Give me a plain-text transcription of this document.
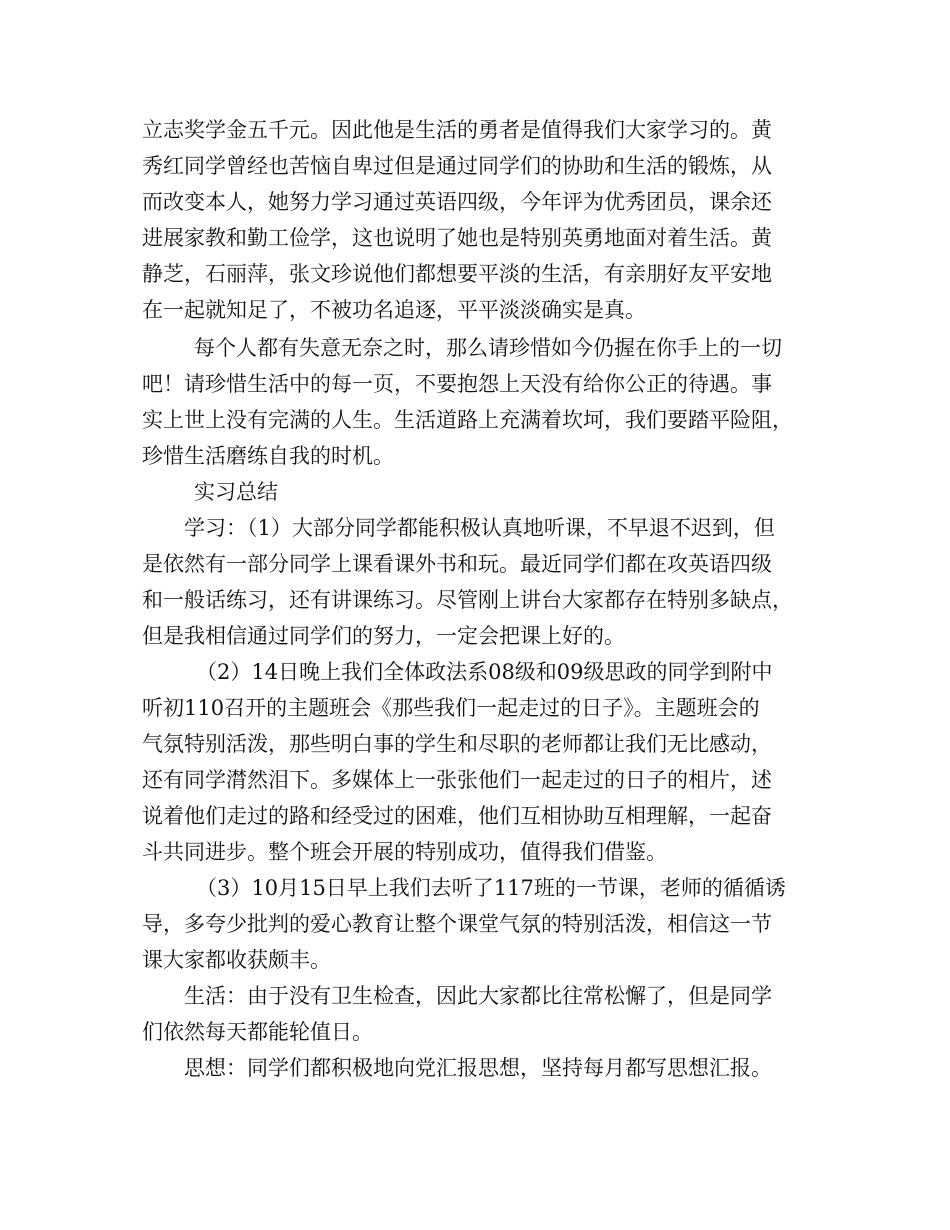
立志奖学金五千元。因此他是生活的勇者是值得我们大家学习的。黄
秀红同学曾经也苦恼自卑过但是通过同学们的协助和生活的锻炼，从
而改变本人，她努力学习通过英语四级，今年评为优秀团员，课余还
进展家教和勤工俭学，这也说明了她也是特别英勇地面对着生活。黄
静芝，石丽萍，张文珍说他们都想要平淡的生活，有亲朋好友平安地
在一起就知足了，不被功名追逐，平平淡淡确实是真。
每个人都有失意无奈之时，那么请珍惜如今仍握在你手上的一切
吧！请珍惜生活中的每一页，不要抱怨上天没有给你公正的待遇。事
实上世上没有完满的人生。生活道路上充满着坎坷，我们要踏平险阻，
珍惜生活磨练自我的时机。
实习总结
学习：（1）大部分同学都能积极认真地听课，不早退不迟到，但
是依然有一部分同学上课看课外书和玩。最近同学们都在攻英语四级
和一般话练习，还有讲课练习。尽管刚上讲台大家都存在特别多缺点，
但是我相信通过同学们的努力，一定会把课上好的。
（2）14日晚上我们全体政法系08级和09级思政的同学到附中
听初110召开的主题班会《那些我们一起走过的日子》。主题班会的
气氛特别活泼，那些明白事的学生和尽职的老师都让我们无比感动，
还有同学潸然泪下。多媒体上一张张他们一起走过的日子的相片，述
说着他们走过的路和经受过的困难，他们互相协助互相理解，一起奋
斗共同进步。整个班会开展的特别成功，值得我们借鉴。
（3）10月15日早上我们去听了117班的一节课，老师的循循诱
导，多夸少批判的爱心教育让整个课堂气氛的特别活泼，相信这一节
课大家都收获颇丰。
生活：由于没有卫生检查，因此大家都比往常松懈了，但是同学
们依然每天都能轮值日。
思想：同学们都积极地向党汇报思想，坚持每月都写思想汇报。
